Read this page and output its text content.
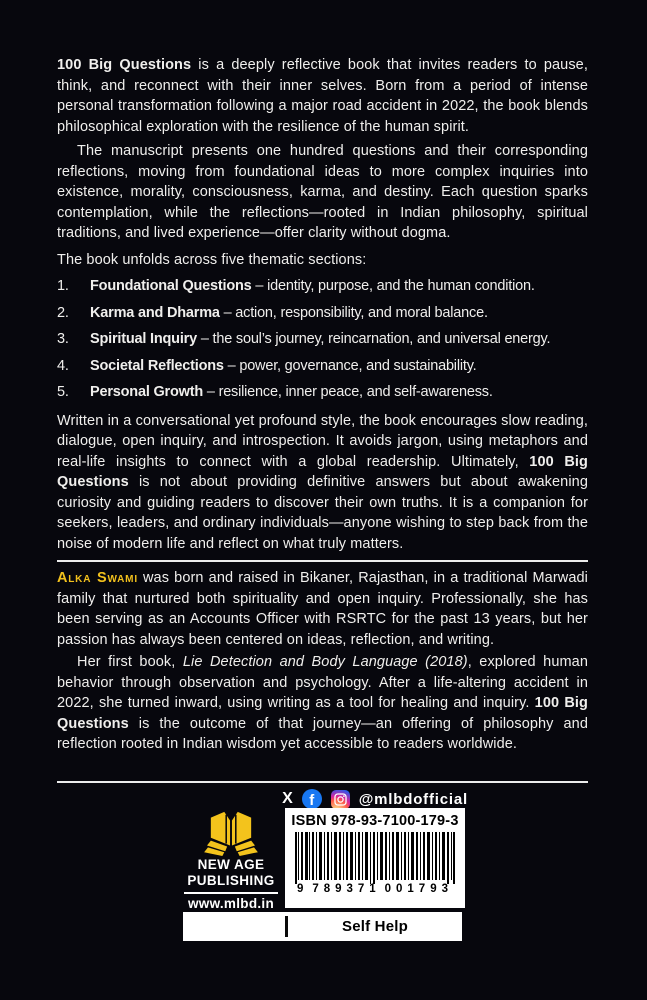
100 Big Questions is a deeply reflective book that invites readers to pause, think, and reconnect with their inner selves. Born from a period of intense personal transformation following a major road accident in 2022, the book blends philosophical exploration with the resilience of the human spirit.

The manuscript presents one hundred questions and their corresponding reflections, moving from foundational ideas to more complex inquiries into existence, morality, consciousness, karma, and destiny. Each question sparks contemplation, while the reflections—rooted in Indian philosophy, spiritual traditions, and lived experience—offer clarity without dogma.

The book unfolds across five thematic sections:

1.	Foundational Questions – identity, purpose, and the human condition.
2.	Karma and Dharma – action, responsibility, and moral balance.
3.	Spiritual Inquiry – the soul’s journey, reincarnation, and universal energy.
4.	Societal Reflections – power, governance, and sustainability.
5.	Personal Growth – resilience, inner peace, and self-awareness.

Written in a conversational yet profound style, the book encourages slow reading, dialogue, open inquiry, and introspection. It avoids jargon, using metaphors and real-life insights to connect with a global readership. Ultimately, 100 Big Questions is not about providing definitive answers but about awakening curiosity and guiding readers to discover their own truths. It is a companion for seekers, leaders, and ordinary individuals—anyone wishing to step back from the noise of modern life and reflect on what truly matters.

Alka Swami was born and raised in Bikaner, Rajasthan, in a traditional Marwadi family that nurtured both spirituality and open inquiry. Professionally, she has been serving as an Accounts Officer with RSRTC for the past 13 years, but her passion has always been centered on ideas, reflection, and writing.

Her first book, Lie Detection and Body Language (2018), explored human behavior through observation and psychology. After a life-altering accident in 2022, she turned inward, using writing as a tool for healing and inquiry. 100 Big Questions is the outcome of that journey—an offering of philosophy and reflection rooted in Indian wisdom yet accessible to readers worldwide.

X f	@mlbdofficial
NEW AGE
PUBLISHING
www.mlbd.in
ISBN 978-93-7100-179-3
9 789371 001793
Self Help
